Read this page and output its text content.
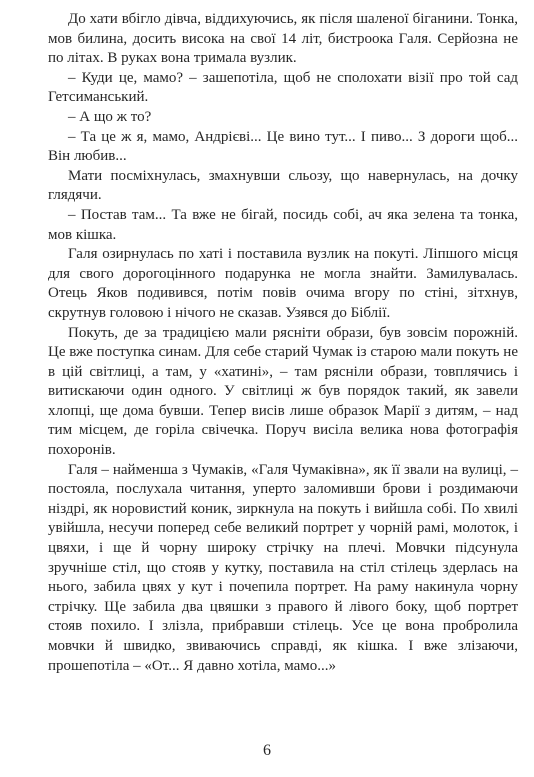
До хати вбігло дівча, віддихуючись, як після шаленої біганини. Тонка, мов билина, досить висока на свої 14 літ, бистроока Галя. Серйозна не по літах. В руках вона тримала вузлик.

– Куди це, мамо? – зашепотіла, щоб не сполохати візії про той сад Гетсиманський.

– А що ж то?

– Та це ж я, мамо, Андрієві... Це вино тут... І пиво... З дороги щоб... Він любив...

Мати посміхнулась, змахнувши сльозу, що навернулась, на дочку глядячи.

– Постав там... Та вже не бігай, посидь собі, ач яка зелена та тонка, мов кішка.

Галя озирнулась по хаті і поставила вузлик на покуті. Ліпшого місця для свого дорогоцінного подарунка не могла знайти. Замилувалась. Отець Яков подивився, потім повів очима вгору по стіні, зітхнув, скрутнув головою і нічого не сказав. Узявся до Біблії.

Покуть, де за традицією мали рясніти образи, був зовсім порожній. Це вже поступка синам. Для себе старий Чумак із старою мали покуть не в цій світлиці, а там, у «хатині», – там рясніли образи, товплячись і витискаючи один одного. У світлиці ж був порядок такий, як завели хлопці, ще дома бувши. Тепер висів лише образок Марії з дитям, – над тим місцем, де горіла свічечка. Поруч висіла велика нова фотографія похоронів.

Галя – найменша з Чумаків, «Галя Чумаківна», як її звали на вулиці, – постояла, послухала читання, уперто заломивши брови і роздимаючи ніздрі, як норовистий коник, зиркнула на покуть і вийшла собі. По хвилі увійшла, несучи поперед себе великий портрет у чорній рамі, молоток, і цвяхи, і ще й чорну широку стрічку на плечі. Мовчки підсунула зручніше стіл, що стояв у кутку, поставила на стіл стілець здерлась на нього, забила цвях у кут і почепила портрет. На раму накинула чорну стрічку. Ще забила два цвяшки з правого й лівого боку, щоб портрет стояв похило. І злізла, прибравши стілець. Усе це вона пробролила мовчки й швидко, звиваючись справді, як кішка. І вже злізаючи, прошепотіла – «От... Я давно хотіла, мамо...»

6
